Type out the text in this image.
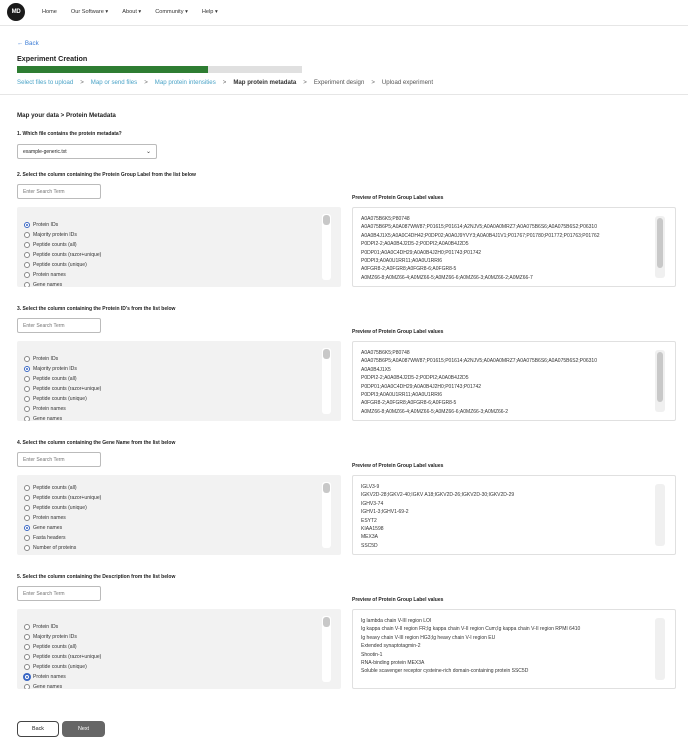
MD	Home	Our Software ▾	About ▾	Community ▾	Help ▾
← Back
Experiment Creation
Select files to upload > Map or send files > Map protein intensities > Map protein metadata > Experiment design > Upload experiment
Map your data > Protein Metadata
1. Which file contains the protein metadata?
example-generic.txt	⌄
2. Select the column containing the Protein Group Label from the list below
Enter Search Term
Protein IDs
Majority protein IDs
Peptide counts (all)
Peptide counts (razor+unique)
Peptide counts (unique)
Protein names
Gene names
Preview of Protein Group Label values
A0A075B6K5;P80748
A0A075B6P5;A0A087WW87;P01615;P01614;A2NJV5;A0A0A0MRZ7;A0A075B6S6;A0A075B6S2;P06310
A0A0B4J1X5;A0A0C4DH42;P0DP02;A0A0J9YVY3;A0A0B4J1V1;P01767;P01780;P01772;P01763;P01762
P0DPI2-2;A0A0B4J2D5-2;P0DPI2;A0A0B4J2D5
P0DP01;A0A0C4DH29;A0A0B4J2H0;P01743;P01742
P0DPI3;A0A0U1RR11;A0A0U1RRI6
A0FGR8-2;A0FGR8;A0FGR8-6;A0FGR8-5
A0MZ66-8;A0MZ66-4;A0MZ66-5;A0MZ66-6;A0MZ66-3;A0MZ66-2;A0MZ66-7
3. Select the column containing the Protein ID's from the list below
Enter Search Term
Protein IDs
Majority protein IDs
Peptide counts (all)
Peptide counts (razor+unique)
Peptide counts (unique)
Protein names
Gene names
Preview of Protein Group Label values
A0A075B6K5;P80748
A0A075B6P5;A0A087WW87;P01615;P01614;A2NJV5;A0A0A0MRZ7;A0A075B6S6;A0A075B6S2;P06310
A0A0B4J1X5
P0DPI2-2;A0A0B4J2D5-2;P0DPI2;A0A0B4J2D5
P0DP01;A0A0C4DH29;A0A0B4J2H0;P01743;P01742
P0DPI3;A0A0U1RR11;A0A0U1RRI6
A0FGR8-2;A0FGR8;A0FGR8-6;A0FGR8-5
A0MZ66-8;A0MZ66-4;A0MZ66-5;A0MZ66-6;A0MZ66-3;A0MZ66-2
4. Select the column containing the Gene Name from the list below
Enter Search Term
Peptide counts (all)
Peptide counts (razor+unique)
Peptide counts (unique)
Protein names
Gene names
Fasta headers
Number of proteins
Preview of Protein Group Label values
IGLV3-9
IGKV2D-28;IGKV2-40;IGKV A18;IGKV2D-26;IGKV2D-30;IGKV2D-29
IGHV3-74
IGHV1-3;IGHV1-69-2
ESYT2
KIAA1598
MEX3A
SSC5D
5. Select the column containing the Description from the list below
Enter Search Term
Protein IDs
Majority protein IDs
Peptide counts (all)
Peptide counts (razor+unique)
Peptide counts (unique)
Protein names
Gene names
Preview of Protein Group Label values
Ig lambda chain V-III region LOI
Ig kappa chain V-II region FR;Ig kappa chain V-II region Cum;Ig kappa chain V-II region RPMI 6410
Ig heavy chain V-III region HG3;Ig heavy chain V-I region EU
Extended synaptotagmin-2
Shootin-1
RNA-binding protein MEX3A
Soluble scavenger receptor cysteine-rich domain-containing protein SSC5D
Back	Next
